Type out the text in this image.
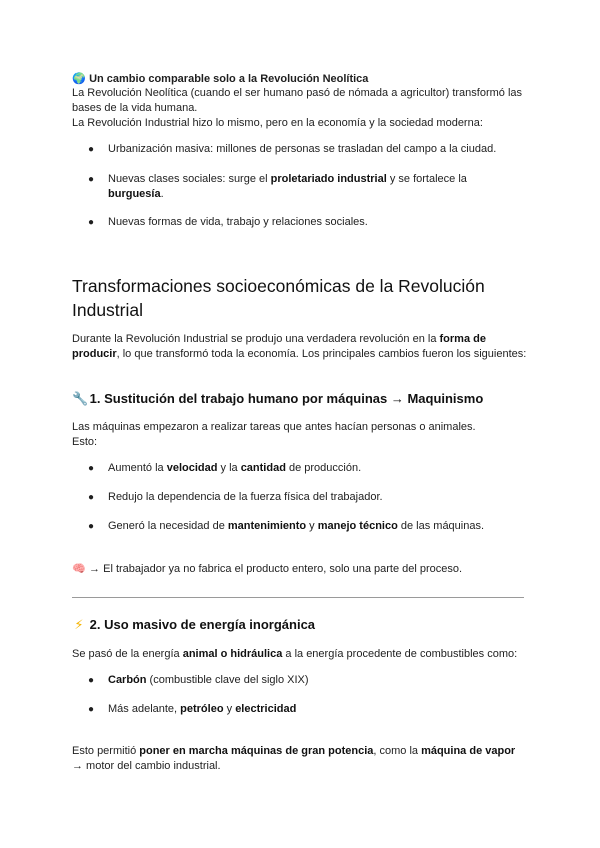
🌍 Un cambio comparable solo a la Revolución Neolítica

La Revolución Neolítica (cuando el ser humano pasó de nómada a agricultor) transformó las bases de la vida humana.

La Revolución Industrial hizo lo mismo, pero en la economía y la sociedad moderna:

● Urbanización masiva: millones de personas se trasladan del campo a la ciudad.
● Nuevas clases sociales: surge el proletariado industrial y se fortalece la burguesía.
● Nuevas formas de vida, trabajo y relaciones sociales.
Transformaciones socioeconómicas de la Revolución Industrial

Durante la Revolución Industrial se produjo una verdadera revolución en la forma de producir, lo que transformó toda la economía. Los principales cambios fueron los siguientes:

🔧 1. Sustitución del trabajo humano por máquinas → Maquinismo

Las máquinas empezaron a realizar tareas que antes hacían personas o animales.

Esto:

● Aumentó la velocidad y la cantidad de producción.
● Redujo la dependencia de la fuerza física del trabajador.
● Generó la necesidad de mantenimiento y manejo técnico de las máquinas.

🧠 → El trabajador ya no fabrica el producto entero, solo una parte del proceso.

⚡ 2. Uso masivo de energía inorgánica

Se pasó de la energía animal o hidráulica a la energía procedente de combustibles como:

● Carbón (combustible clave del siglo XIX)
● Más adelante, petróleo y electricidad

Esto permitió poner en marcha máquinas de gran potencia, como la máquina de vapor → motor del cambio industrial.
